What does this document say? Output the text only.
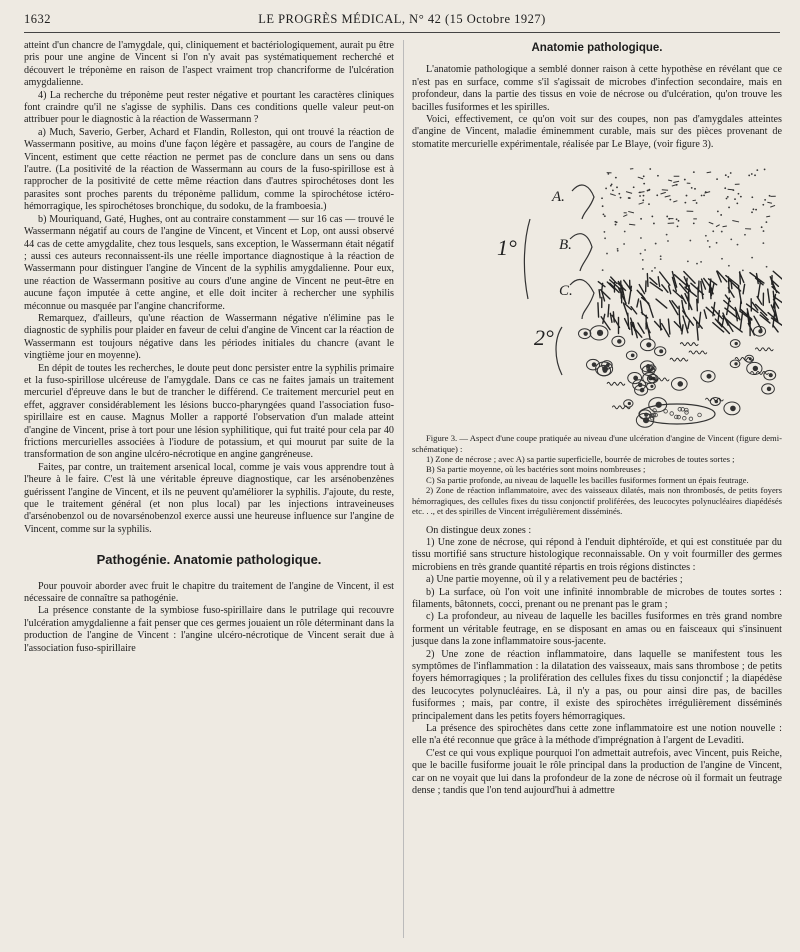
1632	LE PROGRÈS MÉDICAL, N° 42 (15 Octobre 1927)

atteint d'un chancre de l'amygdale, qui, cliniquement et bactériologiquement, aurait pu être pris pour une angine de Vincent si l'on n'y avait pas systématiquement recherché et découvert le tréponème en raison de l'aspect vraiment trop chancriforme de l'ulcération amygdalienne.

4) La recherche du tréponème peut rester négative et pourtant les caractères cliniques font craindre qu'il ne s'agisse de syphilis. Dans ces conditions quelle valeur peut-on attribuer pour le diagnostic à la réaction de Wassermann ?

a) Much, Saverio, Gerber, Achard et Flandin, Rolleston, qui ont trouvé la réaction de Wassermann positive, au moins d'une façon légère et passagère, au cours de l'angine de Vincent, estiment que cette réaction ne permet pas de conclure dans un sens ou dans l'autre. (La positivité de la réaction de Wassermann au cours de la fuso-spirillose est à rapprocher de la positivité de cette même réaction dans d'autres spirochétoses dont les parasites sont proches parents du tréponème pallidum, comme la spirochétose ictéro-hémorragique, les spirochétoses bronchique, du sodoku, de la framboesia.)

b) Mouriquand, Gaté, Hughes, ont au contraire constamment — sur 16 cas — trouvé le Wassermann négatif au cours de l'angine de Vincent, et Vincent et Lop, ont aussi observé 44 cas de cette amygdalite, chez tous lesquels, sans exception, le Wassermann était négatif ; aussi ces auteurs reconnaissent-ils une réelle importance diagnostique à la réaction de Wassermann pour distinguer l'angine de Vincent de la syphilis amygdalienne. Pour eux, une réaction de Wassermann positive au cours d'une angine de Vincent ne peut-être en aucune façon imputée à cette angine, et elle doit inciter à rechercher une syphilis méconnue ou masquée par l'angine chancriforme.

Remarquez, d'ailleurs, qu'une réaction de Wassermann négative n'élimine pas le diagnostic de syphilis pour plaider en faveur de celui d'angine de Vincent car la réaction de Wassermann est toujours négative dans les périodes initiales du chancre (avant le vingtième jour en moyenne).

En dépit de toutes les recherches, le doute peut donc persister entre la syphilis primaire et la fuso-spirillose ulcéreuse de l'amygdale. Dans ce cas ne faites jamais un traitement mercuriel d'épreuve dans le but de trancher le différend. Ce traitement mercuriel peut en effet, aggraver considérablement les lésions bucco-pharyngées quand l'association fuso-spirillaire est en cause. Magnus Moller a rapporté l'observation d'un malade atteint d'angine de Vincent, prise à tort pour une lésion syphilitique, qui fut traité pour cela par 40 frictions mercurielles associées à l'iodure de potassium, et qui mourut par suite de la transformation de son angine ulcéro-nécrotique en angine gangréneuse.

Faites, par contre, un traitement arsenical local, comme je vais vous apprendre tout à l'heure à le faire. C'est là une véritable épreuve diagnostique, car les arsénobenzènes guérissent l'angine de Vincent, et ils ne peuvent qu'améliorer la syphilis. J'ajoute, du reste, que le traitement général (et non plus local) par les injections intraveineuses d'arsénobenzol ou de novarsénobenzol exerce aussi une heureuse influence sur l'angine de Vincent, comme sur la syphilis.

Pathogénie. Anatomie pathologique.

Pour pouvoir aborder avec fruit le chapitre du traitement de l'angine de Vincent, il est nécessaire de connaître sa pathogénie.

La présence constante de la symbiose fuso-spirillaire dans le putrilage qui recouvre l'ulcération amygdalienne a fait penser que ces germes jouaient un rôle déterminant dans la production de l'angine de Vincent : l'angine ulcéro-nécrotique de Vincent serait due à l'association fuso-spirillaire

Anatomie pathologique.

L'anatomie pathologique a semblé donner raison à cette hypothèse en révélant que ce n'est pas en surface, comme s'il s'agissait de microbes d'infection secondaire, mais en profondeur, dans la partie des tissus en voie de nécrose ou d'ulcération, qu'on trouve les bacilles fusiformes et les spirilles.

Voici, effectivement, ce qu'on voit sur des coupes, non pas d'amygdales atteintes d'angine de Vincent, maladie éminemment curable, mais sur des pièces provenant de stomatite mercurielle expérimentale, réalisée par Le Blaye, (voir figure 3).

A.
B.
C.
1°
2°

Figure 3. — Aspect d'une coupe pratiquée au niveau d'une ulcération d'angine de Vincent (figure demi-schématique) :

1) Zone de nécrose ; avec A) sa partie superficielle, bourrée de microbes de toutes sortes ;

B) Sa partie moyenne, où les bactéries sont moins nombreuses ;

C) Sa partie profonde, au niveau de laquelle les bacilles fusiformes forment un épais feutrage.

2) Zone de réaction inflammatoire, avec des vaisseaux dilatés, mais non thrombosés, de petits foyers hémorragiques, des cellules fixes du tissu conjonctif proliférées, des leucocytes polynucléaires diapédésés etc. . ., et des spirilles de Vincent irrégulièrement disséminés.

On distingue deux zones :

1) Une zone de nécrose, qui répond à l'enduit diphtéroïde, et qui est constituée par du tissu mortifié sans structure histologique reconnaissable. On y voit fourmiller des germes microbiens en très grande quantité répartis en trois régions distinctes :

a) Une partie moyenne, où il y a relativement peu de bactéries ;

b) La surface, où l'on voit une infinité innombrable de microbes de toutes sortes : filaments, bâtonnets, cocci, prenant ou ne prenant pas le gram ;

c) La profondeur, au niveau de laquelle les bacilles fusiformes en très grand nombre forment un véritable feutrage, en se disposant en amas ou en faisceaux qui s'insinuent jusque dans la zone inflammatoire sous-jacente.

2) Une zone de réaction inflammatoire, dans laquelle se manifestent tous les symptômes de l'inflammation : la dilatation des vaisseaux, mais sans thrombose ; de petits foyers hémorragiques ; la prolifération des cellules fixes du tissu conjonctif ; la diapédèse des leucocytes polynucléaires. Là, il n'y a pas, ou pour ainsi dire pas, de bacilles fusiformes ; mais, par contre, il existe des spirochètes irrégulièrement disséminés principalement dans les petits foyers hémorragiques.

La présence des spirochètes dans cette zone inflammatoire est une notion nouvelle : elle n'a été reconnue que grâce à la méthode d'imprégnation à l'argent de Levaditi.

C'est ce qui vous explique pourquoi l'on admettait autrefois, avec Vincent, puis Reiche, que le bacille fusiforme jouait le rôle principal dans la production de l'angine de Vincent, car on ne voyait que lui dans la profondeur de la zone de nécrose où il formait un feutrage dense ; tandis que l'on tend aujourd'hui à admettre
